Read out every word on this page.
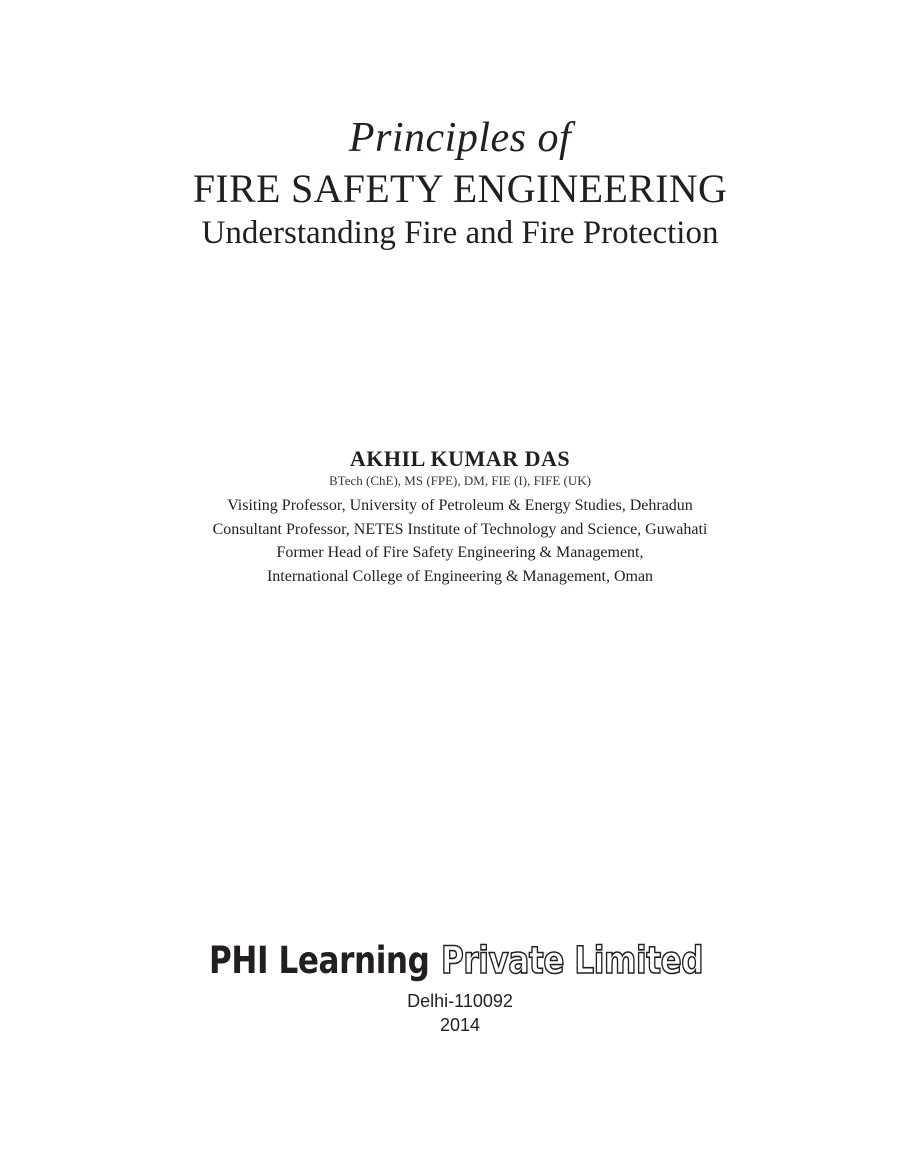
Principles of
FIRE SAFETY ENGINEERING
Understanding Fire and Fire Protection
AKHIL KUMAR DAS
BTech (ChE), MS (FPE), DM, FIE (I), FIFE (UK)
Visiting Professor, University of Petroleum & Energy Studies, Dehradun
Consultant Professor, NETES Institute of Technology and Science, Guwahati
Former Head of Fire Safety Engineering & Management,
International College of Engineering & Management, Oman
PHI Learning Private Limited
Delhi-110092
2014
